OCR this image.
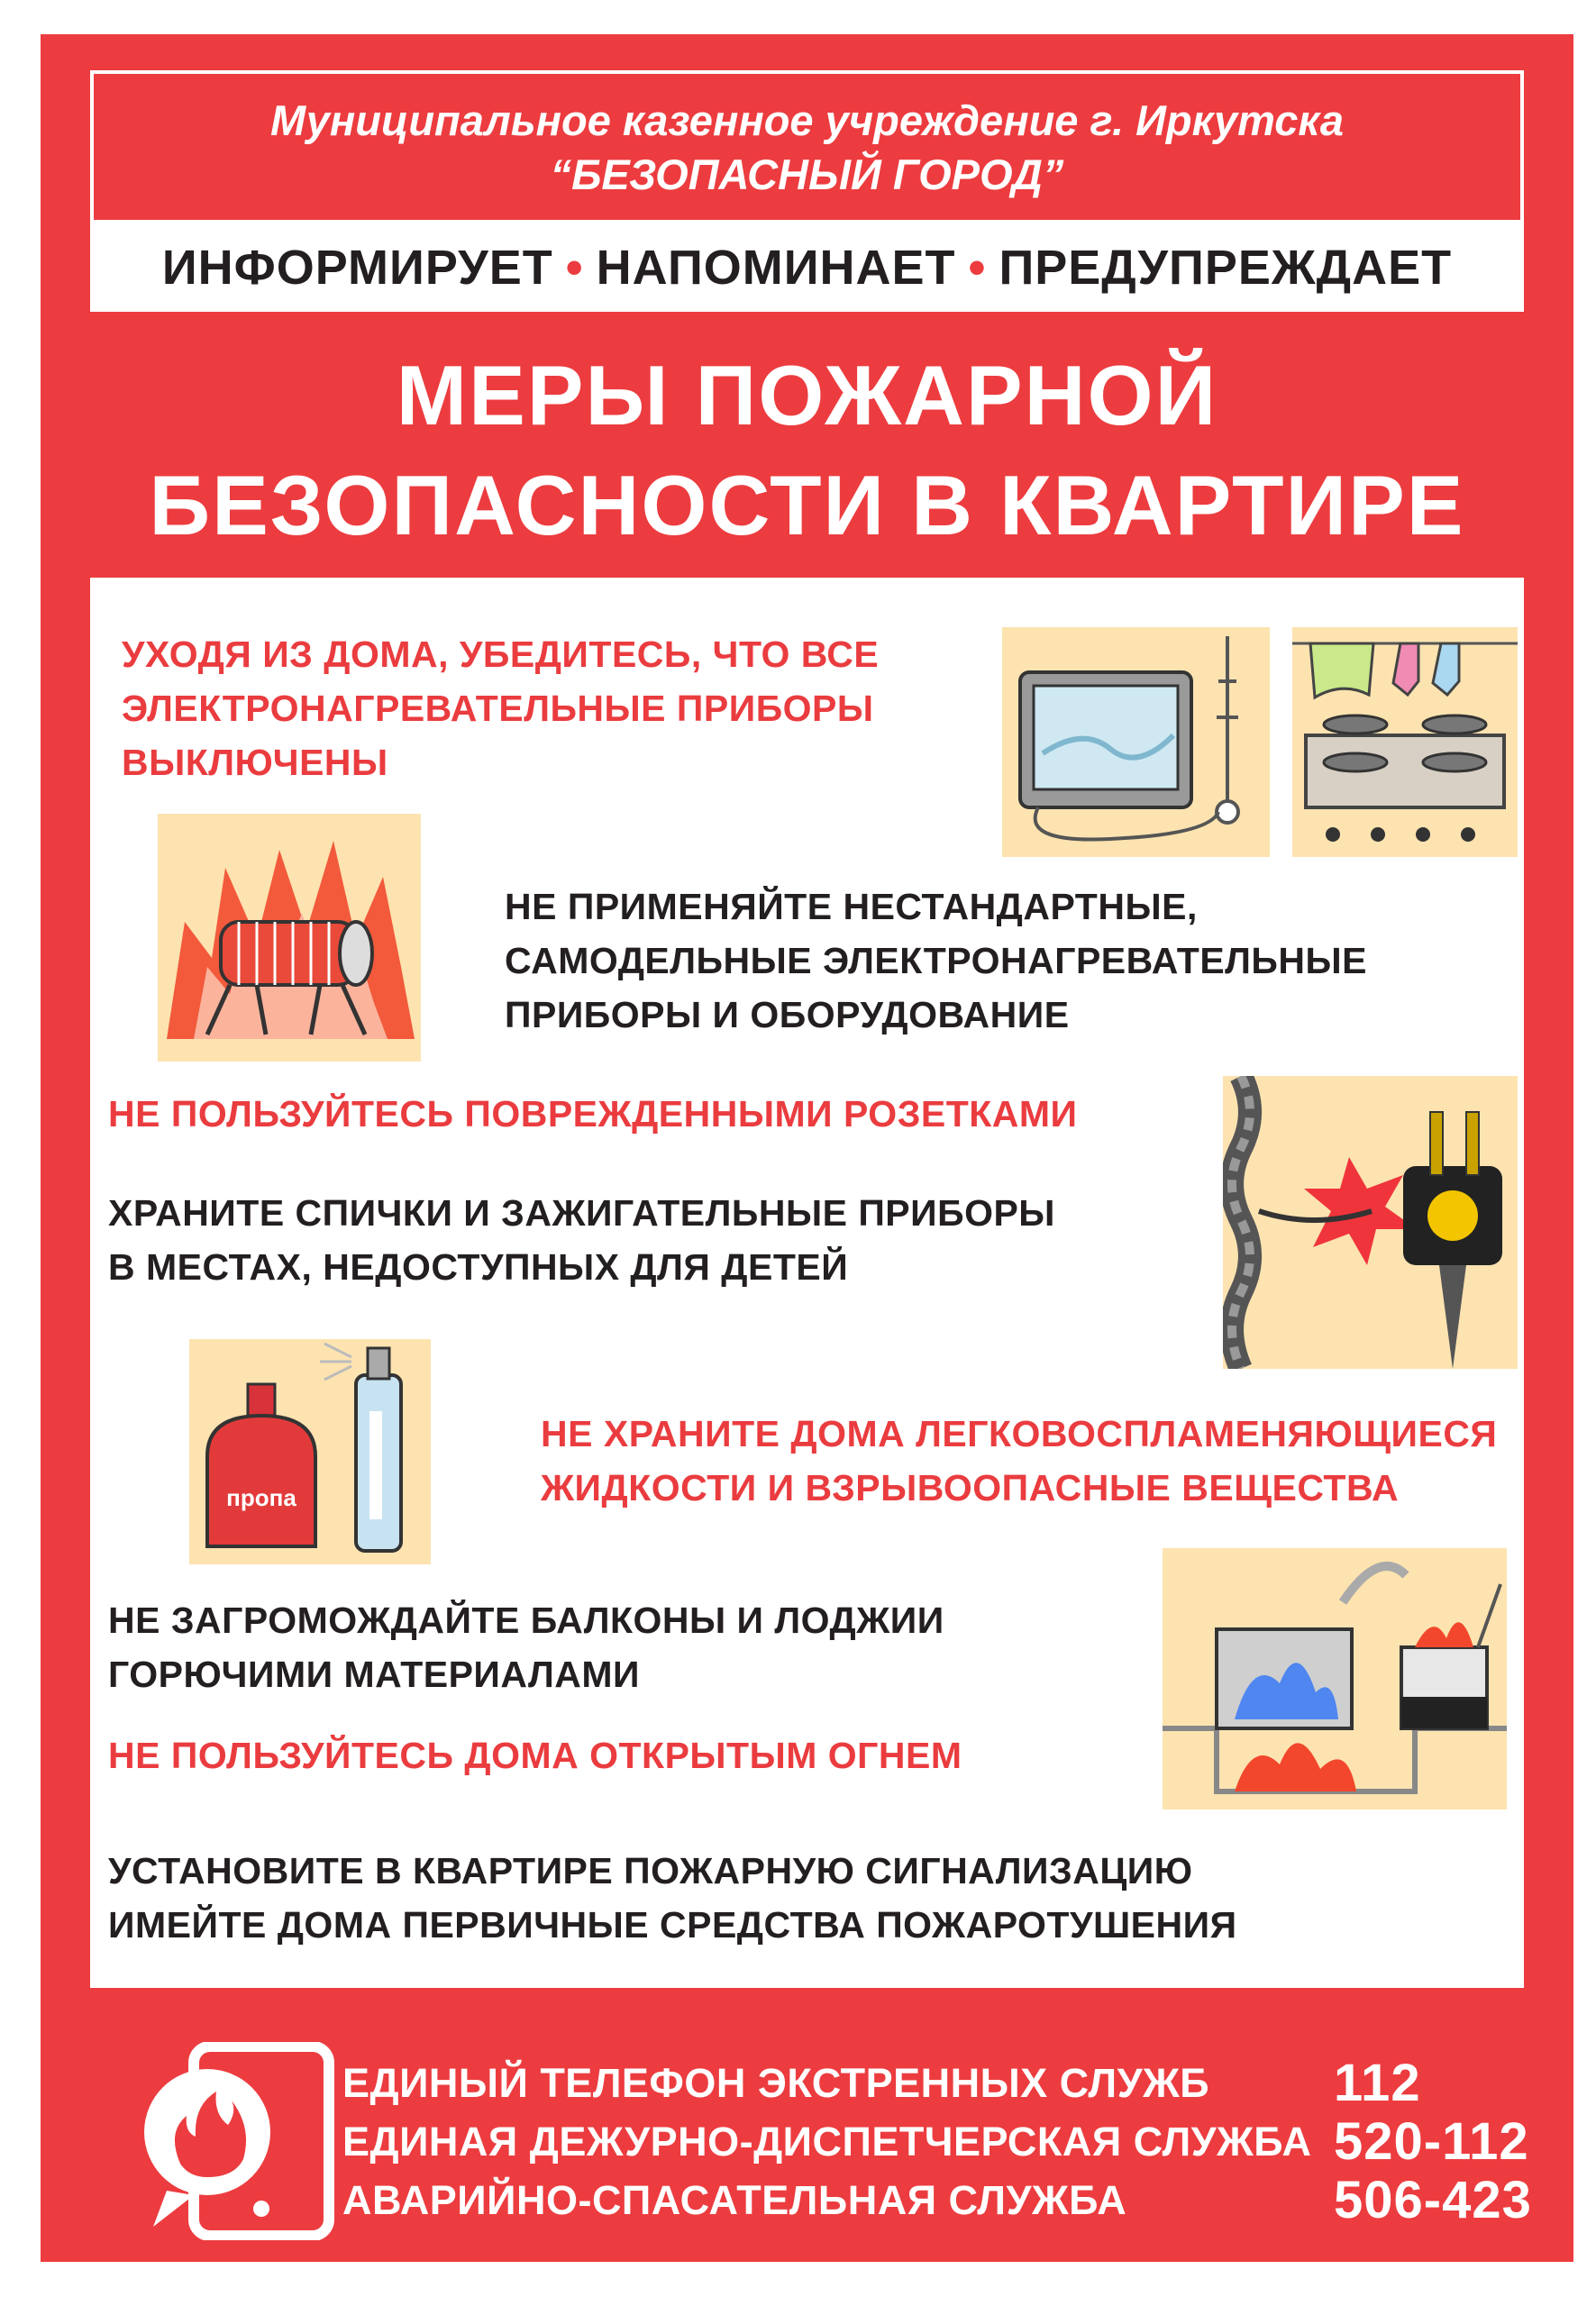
Муниципальное казенное учреждение г. Иркутска
“БЕЗОПАСНЫЙ ГОРОД”
ИНФОРМИРУЕТ • НАПОМИНАЕТ • ПРЕДУПРЕЖДАЕТ
МЕРЫ ПОЖАРНОЙ
БЕЗОПАСНОСТИ В КВАРТИРЕ
УХОДЯ ИЗ ДОМА, УБЕДИТЕСЬ, ЧТО ВСЕ
ЭЛЕКТРОНАГРЕВАТЕЛЬНЫЕ ПРИБОРЫ
ВЫКЛЮЧЕНЫ
НЕ ПРИМЕНЯЙТЕ НЕСТАНДАРТНЫЕ,
САМОДЕЛЬНЫЕ ЭЛЕКТРОНАГРЕВАТЕЛЬНЫЕ
ПРИБОРЫ И ОБОРУДОВАНИЕ
НЕ ПОЛЬЗУЙТЕСЬ ПОВРЕЖДЕННЫМИ РОЗЕТКАМИ
ХРАНИТЕ СПИЧКИ И ЗАЖИГАТЕЛЬНЫЕ ПРИБОРЫ
В МЕСТАХ, НЕДОСТУПНЫХ ДЛЯ ДЕТЕЙ
пропа
НЕ ХРАНИТЕ ДОМА ЛЕГКОВОСПЛАМЕНЯЮЩИЕСЯ
ЖИДКОСТИ И ВЗРЫВООПАСНЫЕ ВЕЩЕСТВА
НЕ ЗАГРОМОЖДАЙТЕ БАЛКОНЫ И ЛОДЖИИ
ГОРЮЧИМИ МАТЕРИАЛАМИ
НЕ ПОЛЬЗУЙТЕСЬ ДОМА ОТКРЫТЫМ ОГНЕМ
УСТАНОВИТЕ В КВАРТИРЕ ПОЖАРНУЮ СИГНАЛИЗАЦИЮ
ИМЕЙТЕ ДОМА ПЕРВИЧНЫЕ СРЕДСТВА ПОЖАРОТУШЕНИЯ
ЕДИНЫЙ ТЕЛЕФОН ЭКСТРЕННЫХ СЛУЖБ 112
ЕДИНАЯ ДЕЖУРНО-ДИСПЕТЧЕРСКАЯ СЛУЖБА 520-112
АВАРИЙНО-СПАСАТЕЛЬНАЯ СЛУЖБА	506-423
